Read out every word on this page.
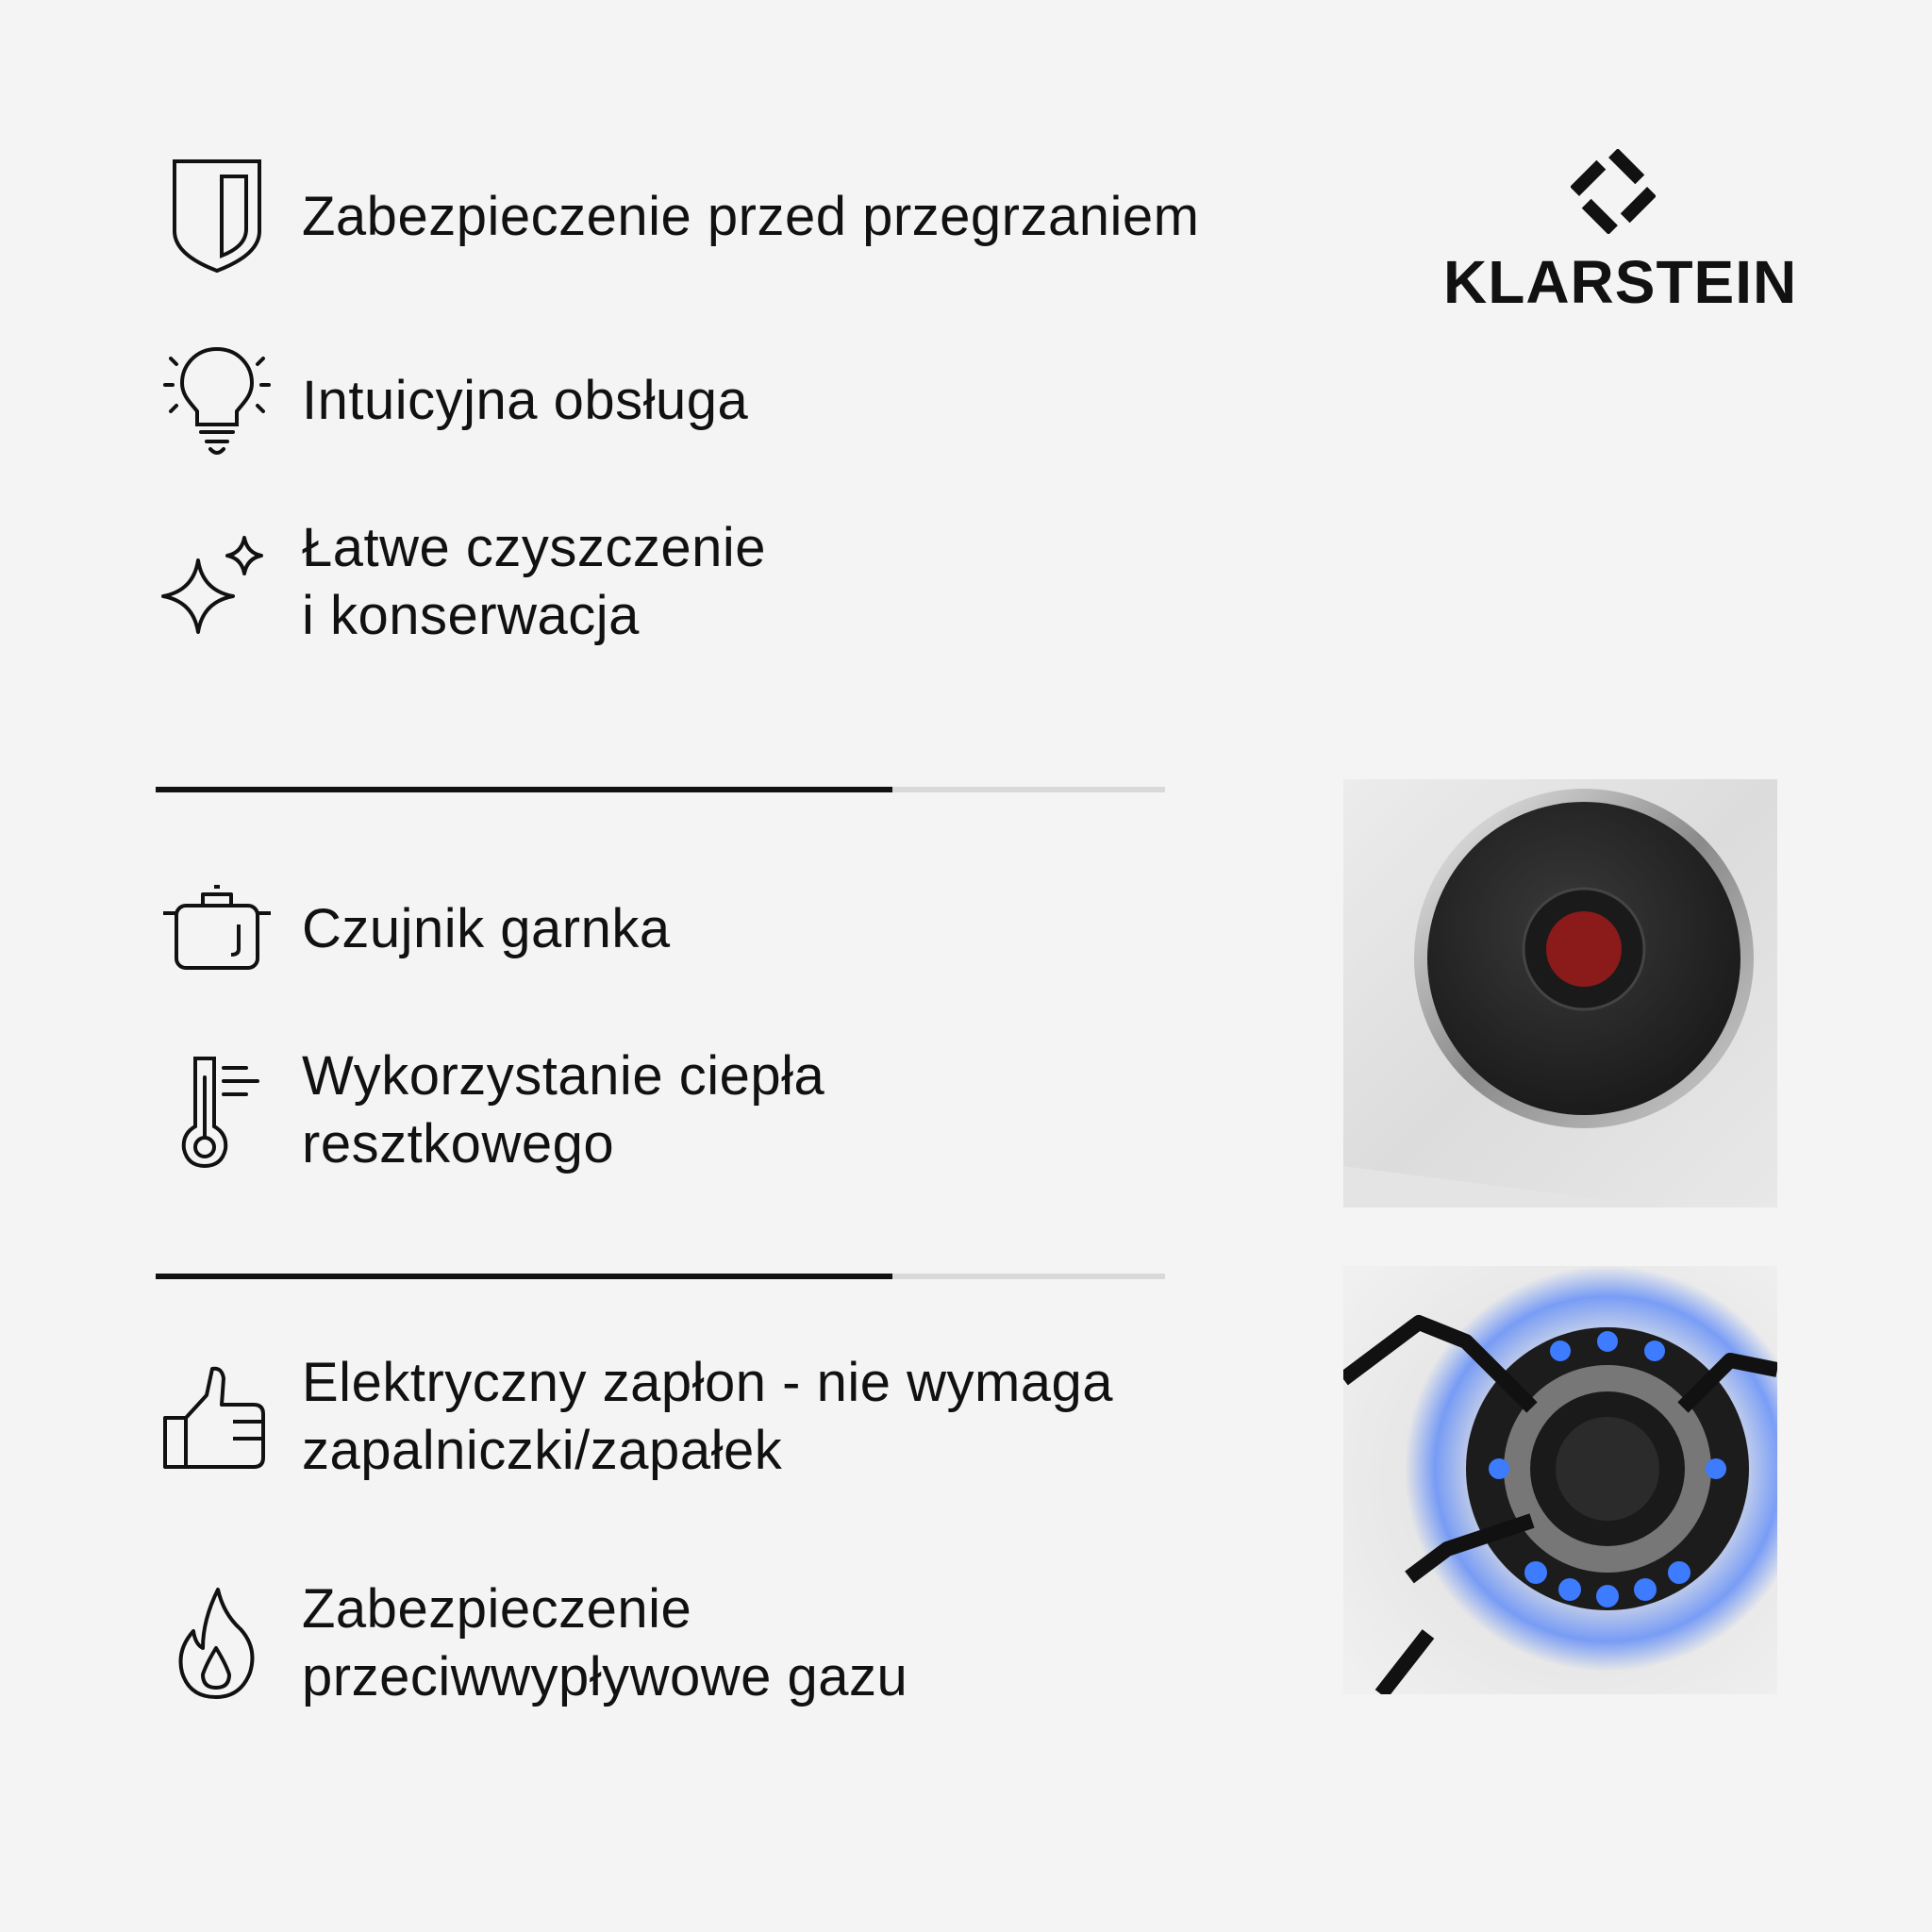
Zabezpieczenie przed przegrzaniem
Intuicyjna obsługa
Łatwe czyszczenie
i konserwacja
KLARSTEIN
Czujnik garnka
Wykorzystanie ciepła
resztkowego
Elektryczny zapłon - nie wymaga
zapalniczki/zapałek
Zabezpieczenie
przeciwwypływowe gazu
